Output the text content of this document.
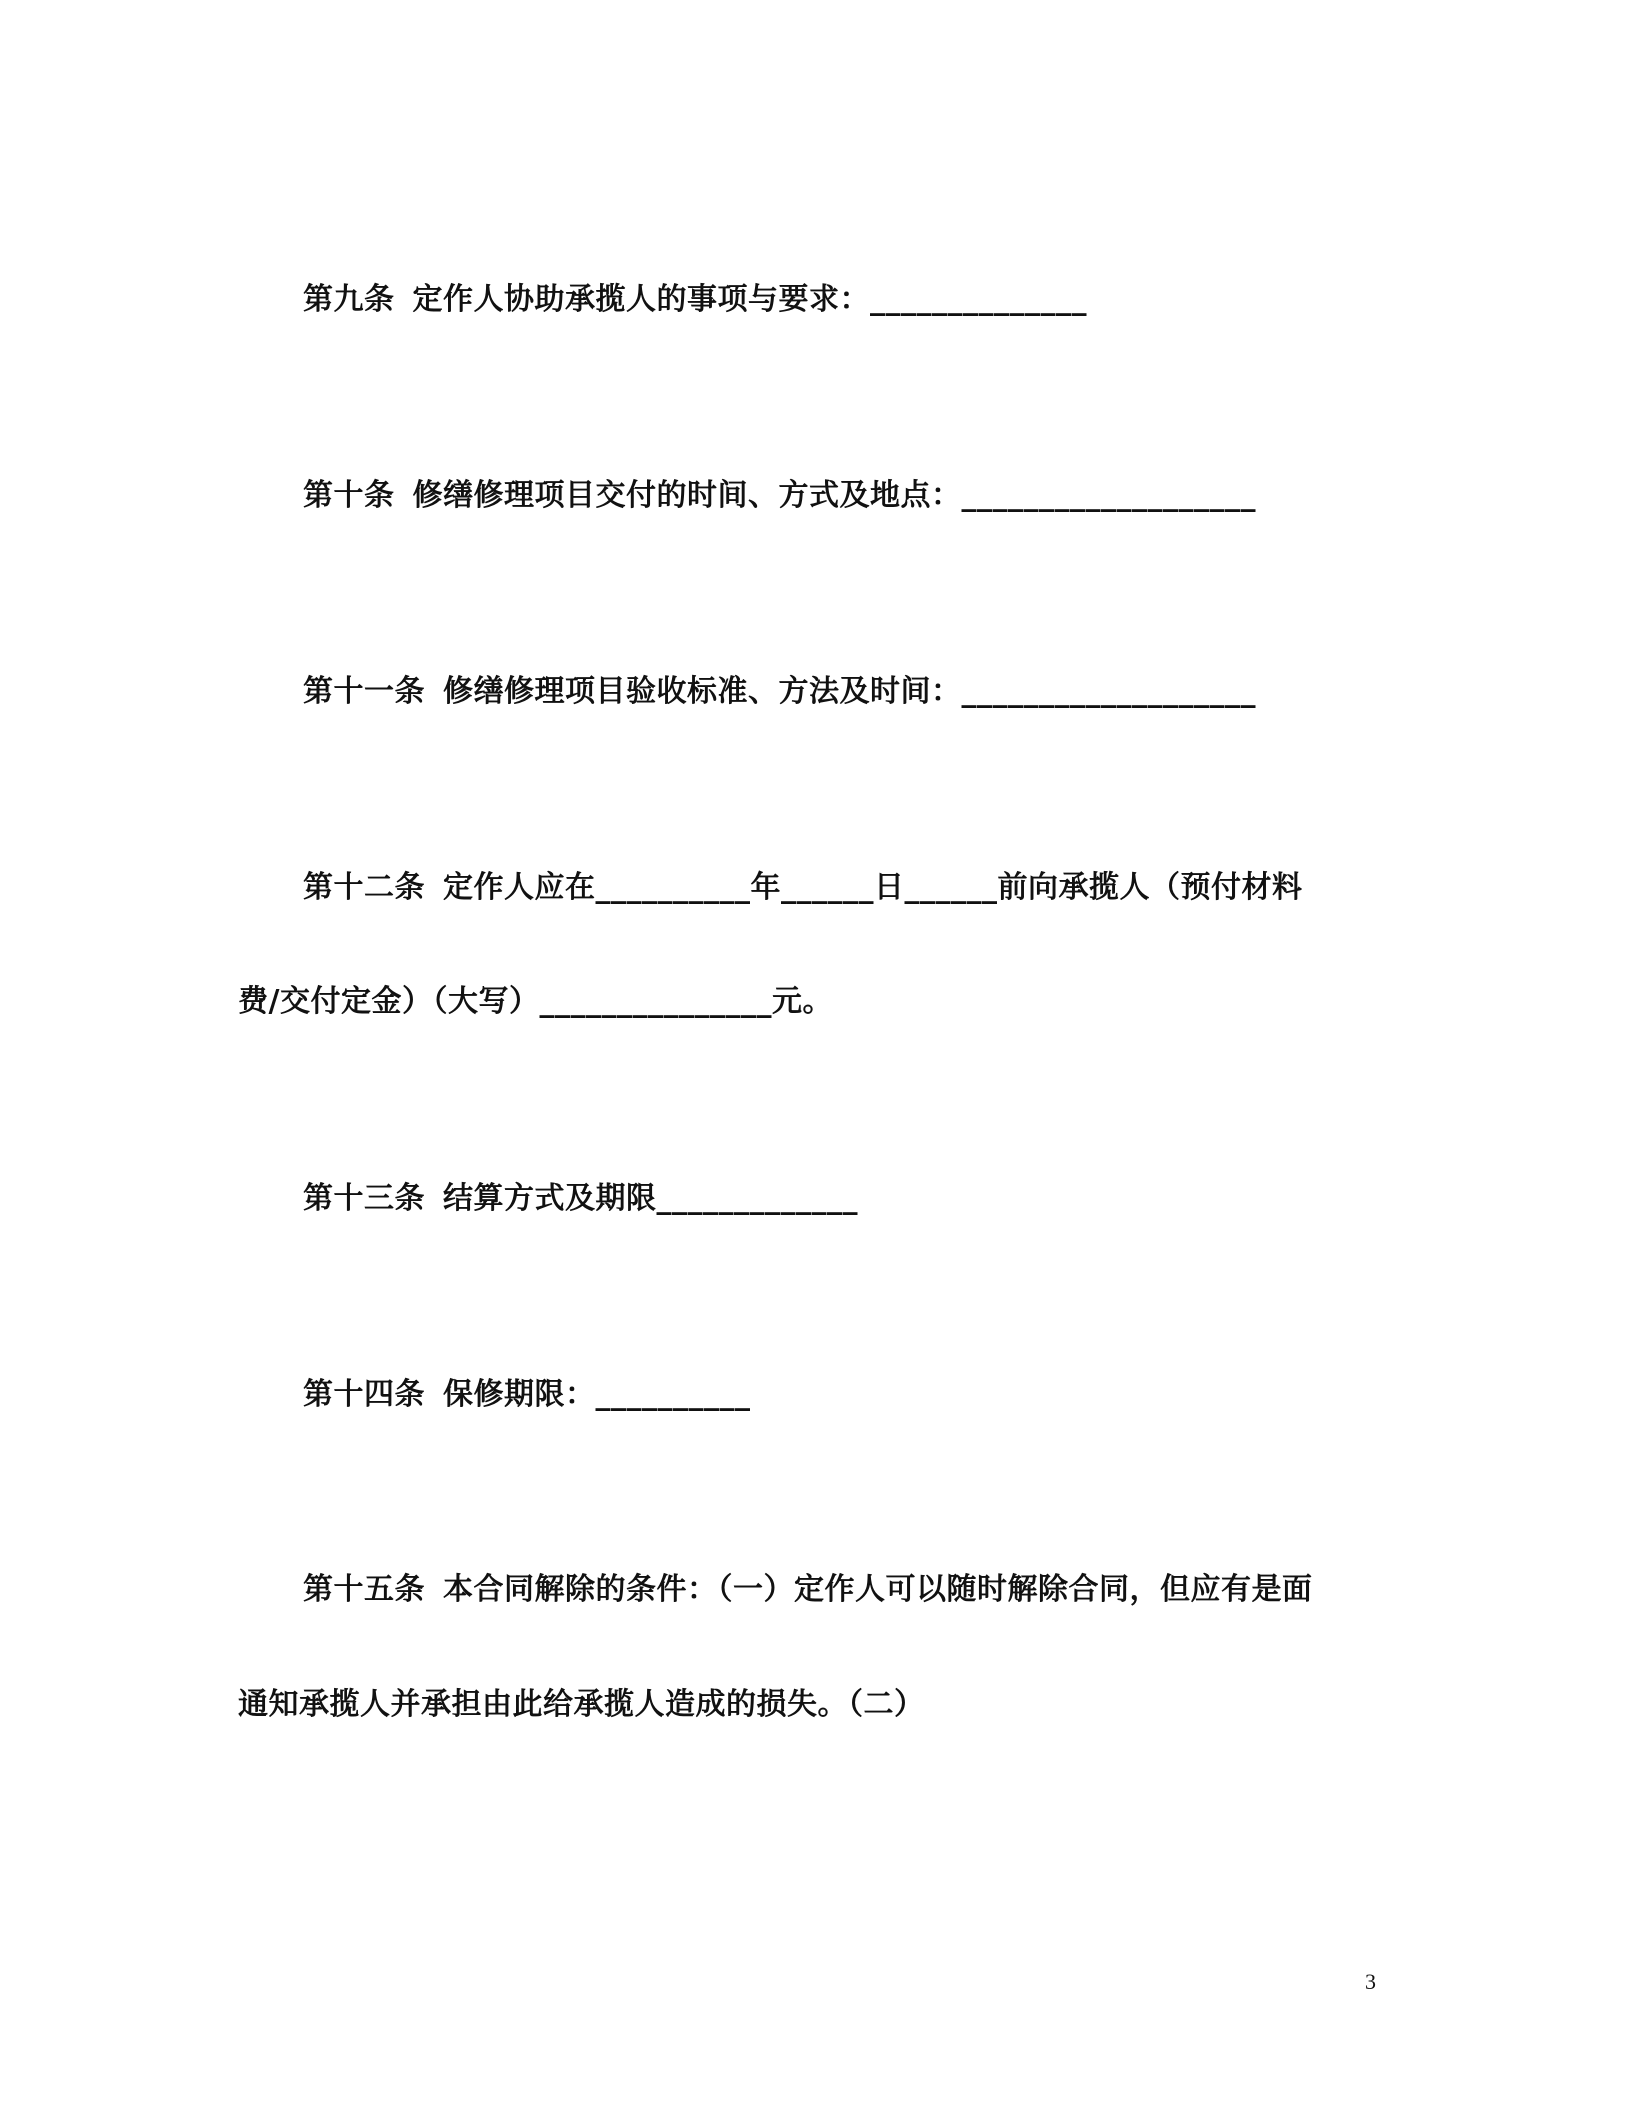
第九条 定作人协助承揽人的事项与要求：______________
第十条 修缮修理项目交付的时间、方式及地点：___________________
第十一条 修缮修理项目验收标准、方法及时间：___________________
第十二条 定作人应在__________年______日______前向承揽人（预付材料
费/交付定金）（大写）_______________元。
第十三条 结算方式及期限_____________
第十四条 保修期限：__________
第十五条 本合同解除的条件：（一）定作人可以随时解除合同，但应有是面
通知承揽人并承担由此给承揽人造成的损失。（二）
3
